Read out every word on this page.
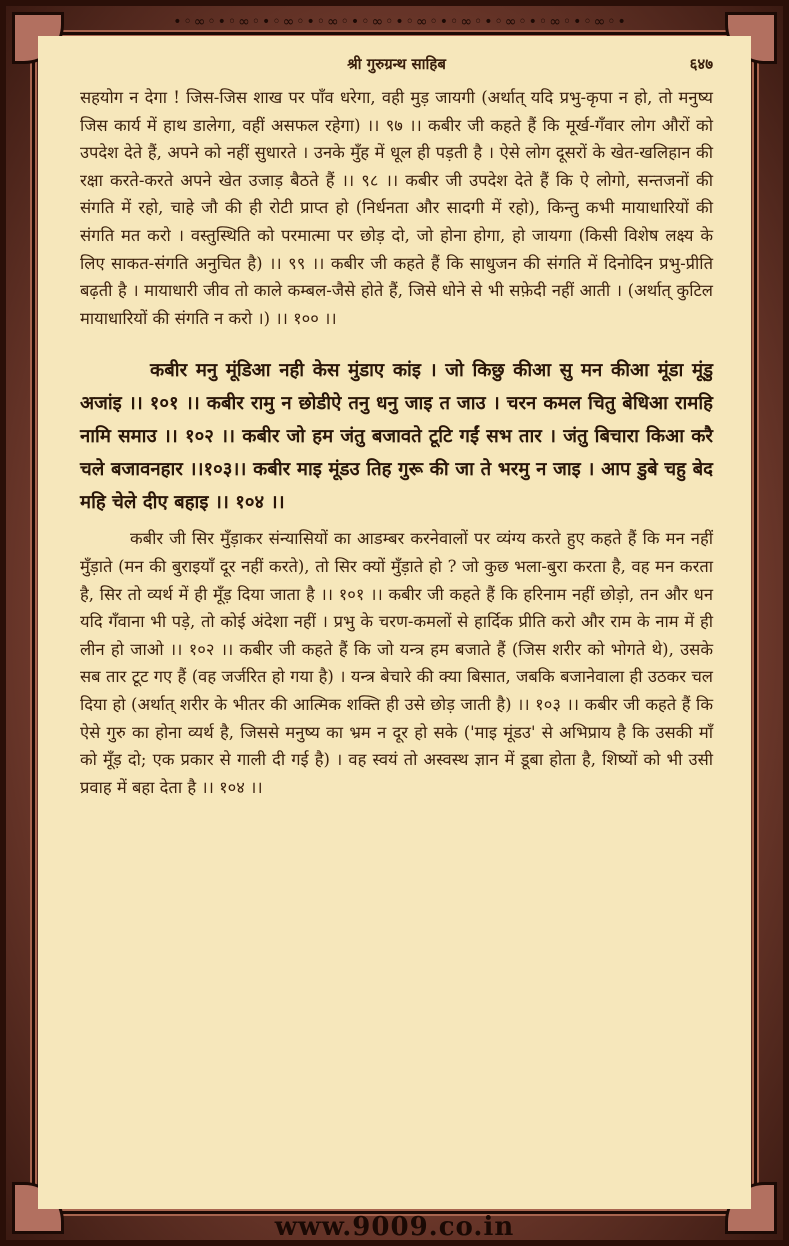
•◦∞◦•◦∞◦•◦∞◦•◦∞◦•◦∞◦•◦∞◦•◦∞◦•◦∞◦•◦∞◦•◦∞◦•
श्री गुरुग्रन्थ साहिब	६४७

सहयोग न देगा ! जिस-जिस शाख पर पाँव धरेगा, वही मुड़ जायगी (अर्थात् यदि प्रभु-कृपा न हो, तो मनुष्य जिस कार्य में हाथ डालेगा, वहीं असफल रहेगा) ।। ९७ ।। कबीर जी कहते हैं कि मूर्ख-गँवार लोग औरों को उपदेश देते हैं, अपने को नहीं सुधारते । उनके मुँह में धूल ही पड़ती है । ऐसे लोग दूसरों के खेत-खलिहान की रक्षा करते-करते अपने खेत उजाड़ बैठते हैं ।। ९८ ।। कबीर जी उपदेश देते हैं कि ऐ लोगो, सन्तजनों की संगति में रहो, चाहे जौ की ही रोटी प्राप्त हो (निर्धनता और सादगी में रहो), किन्तु कभी मायाधारियों की संगति मत करो । वस्तुस्थिति को परमात्मा पर छोड़ दो, जो होना होगा, हो जायगा (किसी विशेष लक्ष्य के लिए साकत-संगति अनुचित है) ।। ९९ ।। कबीर जी कहते हैं कि साधुजन की संगति में दिनोदिन प्रभु-प्रीति बढ़ती है । मायाधारी जीव तो काले कम्बल-जैसे होते हैं, जिसे धोने से भी सफ़ेदी नहीं आती । (अर्थात् कुटिल मायाधारियों की संगति न करो ।) ।। १०० ।।

कबीर मनु मूंडिआ नही केस मुंडाए कांइ । जो किछु कीआ सु मन कीआ मूंडा मूंडु अजांइ ।। १०१ ।। कबीर रामु न छोडीऐ तनु धनु जाइ त जाउ । चरन कमल चितु बेधिआ रामहि नामि समाउ ।। १०२ ।। कबीर जो हम जंतु बजावते टूटि गईं सभ तार । जंतु बिचारा किआ करै चले बजावनहार ।।१०३।। कबीर माइ मूंडउ तिह गुरू की जा ते भरमु न जाइ । आप डुबे चहु बेद महि चेले दीए बहाइ ।। १०४ ।।

कबीर जी सिर मुँड़ाकर संन्यासियों का आडम्बर करनेवालों पर व्यंग्य करते हुए कहते हैं कि मन नहीं मुँड़ाते (मन की बुराइयाँ दूर नहीं करते), तो सिर क्यों मुँड़ाते हो ? जो कुछ भला-बुरा करता है, वह मन करता है, सिर तो व्यर्थ में ही मूँड़ दिया जाता है ।। १०१ ।। कबीर जी कहते हैं कि हरिनाम नहीं छोड़ो, तन और धन यदि गँवाना भी पड़े, तो कोई अंदेशा नहीं । प्रभु के चरण-कमलों से हार्दिक प्रीति करो और राम के नाम में ही लीन हो जाओ ।। १०२ ।। कबीर जी कहते हैं कि जो यन्त्र हम बजाते हैं (जिस शरीर को भोगते थे), उसके सब तार टूट गए हैं (वह जर्जरित हो गया है) । यन्त्र बेचारे की क्या बिसात, जबकि बजानेवाला ही उठकर चल दिया हो (अर्थात् शरीर के भीतर की आत्मिक शक्ति ही उसे छोड़ जाती है) ।। १०३ ।। कबीर जी कहते हैं कि ऐसे गुरु का होना व्यर्थ है, जिससे मनुष्य का भ्रम न दूर हो सके ('माइ मूंडउ' से अभिप्राय है कि उसकी माँ को मूँड़ दो; एक प्रकार से गाली दी गई है) । वह स्वयं तो अस्वस्थ ज्ञान में डूबा होता है, शिष्यों को भी उसी प्रवाह में बहा देता है ।। १०४ ।।

www.9009.co.in
